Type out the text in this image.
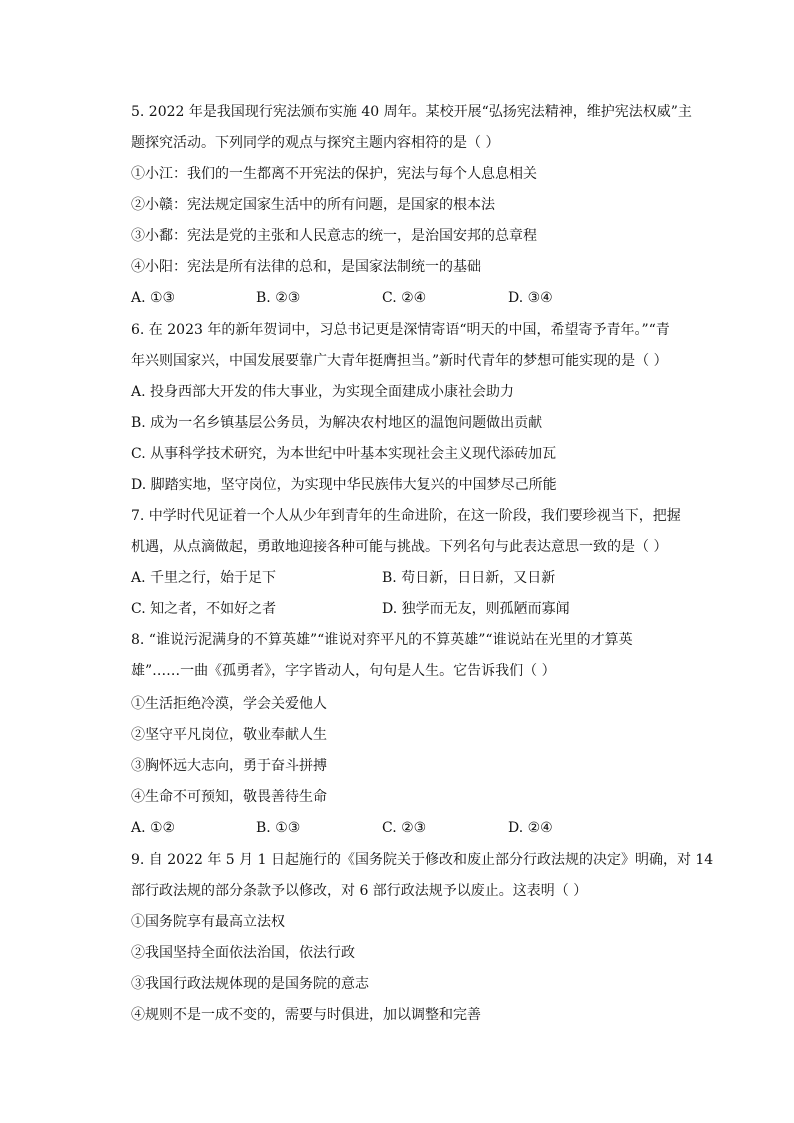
5. 2022 年是我国现行宪法颁布实施 40 周年。某校开展“弘扬宪法精神，维护宪法权威”主
题探究活动。下列同学的观点与探究主题内容相符的是（ ）
①小江：我们的一生都离不开宪法的保护，宪法与每个人息息相关
②小赣：宪法规定国家生活中的所有问题，是国家的根本法
③小鄱：宪法是党的主张和人民意志的统一，是治国安邦的总章程
④小阳：宪法是所有法律的总和，是国家法制统一的基础
A. ①③	B. ②③	C. ②④	D. ③④
6. 在 2023 年的新年贺词中，习总书记更是深情寄语“明天的中国，希望寄予青年。”“青
年兴则国家兴，中国发展要靠广大青年挺膺担当。”新时代青年的梦想可能实现的是（ ）
A. 投身西部大开发的伟大事业，为实现全面建成小康社会助力
B. 成为一名乡镇基层公务员，为解决农村地区的温饱问题做出贡献
C. 从事科学技术研究，为本世纪中叶基本实现社会主义现代添砖加瓦
D. 脚踏实地，坚守岗位，为实现中华民族伟大复兴的中国梦尽己所能
7. 中学时代见证着一个人从少年到青年的生命进阶，在这一阶段，我们要珍视当下，把握
机遇，从点滴做起，勇敢地迎接各种可能与挑战。下列名句与此表达意思一致的是（ ）
A. 千里之行，始于足下	B. 苟日新，日日新，又日新
C. 知之者，不如好之者	D. 独学而无友，则孤陋而寡闻
8. “谁说污泥满身的不算英雄”“谁说对弈平凡的不算英雄”“谁说站在光里的才算英
雄”……一曲《孤勇者》，字字皆动人，句句是人生。它告诉我们（ ）
①生活拒绝冷漠，学会关爱他人
②坚守平凡岗位，敬业奉献人生
③胸怀远大志向，勇于奋斗拼搏
④生命不可预知，敬畏善待生命
A. ①②	B. ①③	C. ②③	D. ②④
9. 自 2022 年 5 月 1 日起施行的《国务院关于修改和废止部分行政法规的决定》明确，对 14
部行政法规的部分条款予以修改，对 6 部行政法规予以废止。这表明（ ）
①国务院享有最高立法权
②我国坚持全面依法治国，依法行政
③我国行政法规体现的是国务院的意志
④规则不是一成不变的，需要与时俱进，加以调整和完善
